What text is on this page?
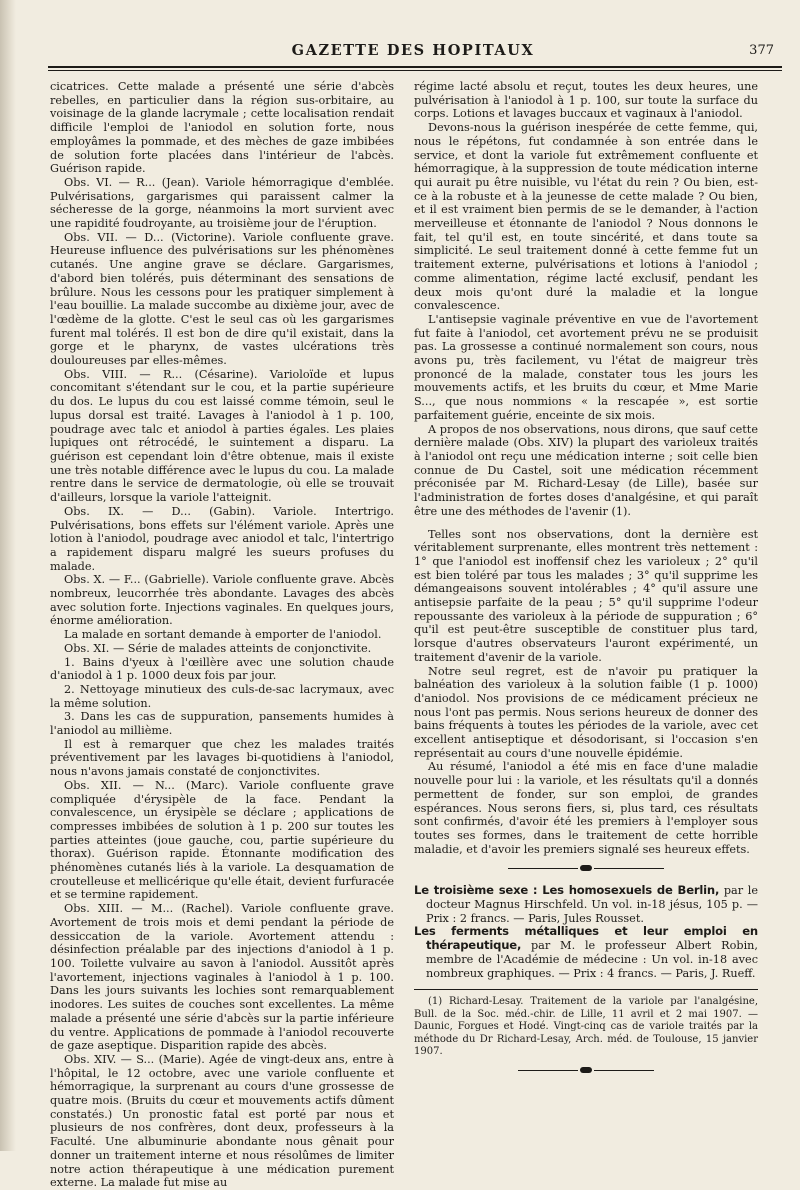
GAZETTE DES HOPITAUX	377

cicatrices. Cette malade a présenté une série d'abcès rebelles, en particulier dans la région sus-orbitaire, au voisinage de la glande lacrymale ; cette localisation rendait difficile l'emploi de l'aniodol en solution forte, nous employâmes la pommade, et des mèches de gaze imbibées de solution forte placées dans l'intérieur de l'abcès. Guérison rapide.

Obs. VI. — R... (Jean). Variole hémorragique d'emblée. Pulvérisations, gargarismes qui paraissent calmer la sécheresse de la gorge, néanmoins la mort survient avec une rapidité foudroyante, au troisième jour de l'éruption.

Obs. VII. — D... (Victorine). Variole confluente grave. Heureuse influence des pulvérisations sur les phénomènes cutanés. Une angine grave se déclare. Gargarismes, d'abord bien tolérés, puis déterminant des sensations de brûlure. Nous les cessons pour les pratiquer simplement à l'eau bouillie. La malade succombe au dixième jour, avec de l'œdème de la glotte. C'est le seul cas où les gargarismes furent mal tolérés. Il est bon de dire qu'il existait, dans la gorge et le pharynx, de vastes ulcérations très douloureuses par elles-mêmes.

Obs. VIII. — R... (Césarine). Varioloïde et lupus concomitant s'étendant sur le cou, et la partie supérieure du dos. Le lupus du cou est laissé comme témoin, seul le lupus dorsal est traité. Lavages à l'aniodol à 1 p. 100, poudrage avec talc et aniodol à parties égales. Les plaies lupiques ont rétrocédé, le suintement a disparu. La guérison est cependant loin d'être obtenue, mais il existe une très notable différence avec le lupus du cou. La malade rentre dans le service de dermatologie, où elle se trouvait d'ailleurs, lorsque la variole l'atteignit.

Obs. IX. — D... (Gabin). Variole. Intertrigo. Pulvérisations, bons effets sur l'élément variole. Après une lotion à l'aniodol, poudrage avec aniodol et talc, l'intertrigo a rapidement disparu malgré les sueurs profuses du malade.

Obs. X. — F... (Gabrielle). Variole confluente grave. Abcès nombreux, leucorrhée très abondante. Lavages des abcès avec solution forte. Injections vaginales. En quelques jours, énorme amélioration.

La malade en sortant demande à emporter de l'aniodol.

Obs. XI. — Série de malades atteints de conjonctivite.

1. Bains d'yeux à l'œillère avec une solution chaude d'aniodol à 1 p. 1000 deux fois par jour.

2. Nettoyage minutieux des culs-de-sac lacrymaux, avec la même solution.

3. Dans les cas de suppuration, pansements humides à l'aniodol au millième.

Il est à remarquer que chez les malades traités préventivement par les lavages bi-quotidiens à l'aniodol, nous n'avons jamais constaté de conjonctivites.

Obs. XII. — N... (Marc). Variole confluente grave compliquée d'érysipèle de la face. Pendant la convalescence, un érysipèle se déclare ; applications de compresses imbibées de solution à 1 p. 200 sur toutes les parties atteintes (joue gauche, cou, partie supérieure du thorax). Guérison rapide. Étonnante modification des phénomènes cutanés liés à la variole. La desquamation de croutelleuse et mellicérique qu'elle était, devient furfuracée et se termine rapidement.

Obs. XIII. — M... (Rachel). Variole confluente grave. Avortement de trois mois et demi pendant la période de dessiccation de la variole. Avortement attendu : désinfection préalable par des injections d'aniodol à 1 p. 100. Toilette vulvaire au savon à l'aniodol. Aussitôt après l'avortement, injections vaginales à l'aniodol à 1 p. 100. Dans les jours suivants les lochies sont remarquablement inodores. Les suites de couches sont excellentes. La même malade a présenté une série d'abcès sur la partie inférieure du ventre. Applications de pommade à l'aniodol recouverte de gaze aseptique. Disparition rapide des abcès.

Obs. XIV. — S... (Marie). Agée de vingt-deux ans, entre à l'hôpital, le 12 octobre, avec une variole confluente et hémorragique, la surprenant au cours d'une grossesse de quatre mois. (Bruits du cœur et mouvements actifs dûment constatés.) Un pronostic fatal est porté par nous et plusieurs de nos confrères, dont deux, professeurs à la Faculté. Une albuminurie abondante nous gênait pour donner un traitement interne et nous résolûmes de limiter notre action thérapeutique à une médication purement externe. La malade fut mise au

régime lacté absolu et reçut, toutes les deux heures, une pulvérisation à l'aniodol à 1 p. 100, sur toute la surface du corps. Lotions et lavages buccaux et vaginaux à l'aniodol.

Devons-nous la guérison inespérée de cette femme, qui, nous le répétons, fut condamnée à son entrée dans le service, et dont la variole fut extrêmement confluente et hémorragique, à la suppression de toute médication interne qui aurait pu être nuisible, vu l'état du rein ? Ou bien, est-ce à la robuste et à la jeunesse de cette malade ? Ou bien, et il est vraiment bien permis de se le demander, à l'action merveilleuse et étonnante de l'aniodol ? Nous donnons le fait, tel qu'il est, en toute sincérité, et dans toute sa simplicité. Le seul traitement donné à cette femme fut un traitement externe, pulvérisations et lotions à l'aniodol ; comme alimentation, régime lacté exclusif, pendant les deux mois qu'ont duré la maladie et la longue convalescence.

L'antisepsie vaginale préventive en vue de l'avortement fut faite à l'aniodol, cet avortement prévu ne se produisit pas. La grossesse a continué normalement son cours, nous avons pu, très facilement, vu l'état de maigreur très prononcé de la malade, constater tous les jours les mouvements actifs, et les bruits du cœur, et Mme Marie S..., que nous nommions « la rescapée », est sortie parfaitement guérie, enceinte de six mois.

A propos de nos observations, nous dirons, que sauf cette dernière malade (Obs. XIV) la plupart des varioleux traités à l'aniodol ont reçu une médication interne ; soit celle bien connue de Du Castel, soit une médication récemment préconisée par M. Richard-Lesay (de Lille), basée sur l'administration de fortes doses d'analgésine, et qui paraît être une des méthodes de l'avenir (1).

Telles sont nos observations, dont la dernière est véritablement surprenante, elles montrent très nettement : 1° que l'aniodol est inoffensif chez les varioleux ; 2° qu'il est bien toléré par tous les malades ; 3° qu'il supprime les démangeaisons souvent intolérables ; 4° qu'il assure une antisepsie parfaite de la peau ; 5° qu'il supprime l'odeur repoussante des varioleux à la période de suppuration ; 6° qu'il est peut-être susceptible de constituer plus tard, lorsque d'autres observateurs l'auront expérimenté, un traitement d'avenir de la variole.

Notre seul regret, est de n'avoir pu pratiquer la balnéation des varioleux à la solution faible (1 p. 1000) d'aniodol. Nos provisions de ce médicament précieux ne nous l'ont pas permis. Nous serions heureux de donner des bains fréquents à toutes les périodes de la variole, avec cet excellent antiseptique et désodorisant, si l'occasion s'en représentait au cours d'une nouvelle épidémie.

Au résumé, l'aniodol a été mis en face d'une maladie nouvelle pour lui : la variole, et les résultats qu'il a donnés permettent de fonder, sur son emploi, de grandes espérances. Nous serons fiers, si, plus tard, ces résultats sont confirmés, d'avoir été les premiers à l'employer sous toutes ses formes, dans le traitement de cette horrible maladie, et d'avoir les premiers signalé ses heureux effets.

Le troisième sexe : Les homosexuels de Berlin, par le docteur Magnus Hirschfeld. Un vol. in-18 jésus, 105 p. — Prix : 2 francs. — Paris, Jules Rousset.

Les ferments métalliques et leur emploi en thérapeutique, par M. le professeur Albert Robin, membre de l'Académie de médecine : Un vol. in-18 avec nombreux graphiques. — Prix : 4 francs. — Paris, J. Rueff.

(1) Richard-Lesay. Traitement de la variole par l'analgésine, Bull. de la Soc. méd.-chir. de Lille, 11 avril et 2 mai 1907. — Daunic, Forgues et Hodé. Vingt-cinq cas de variole traités par la méthode du Dr Richard-Lesay, Arch. méd. de Toulouse, 15 janvier 1907.
